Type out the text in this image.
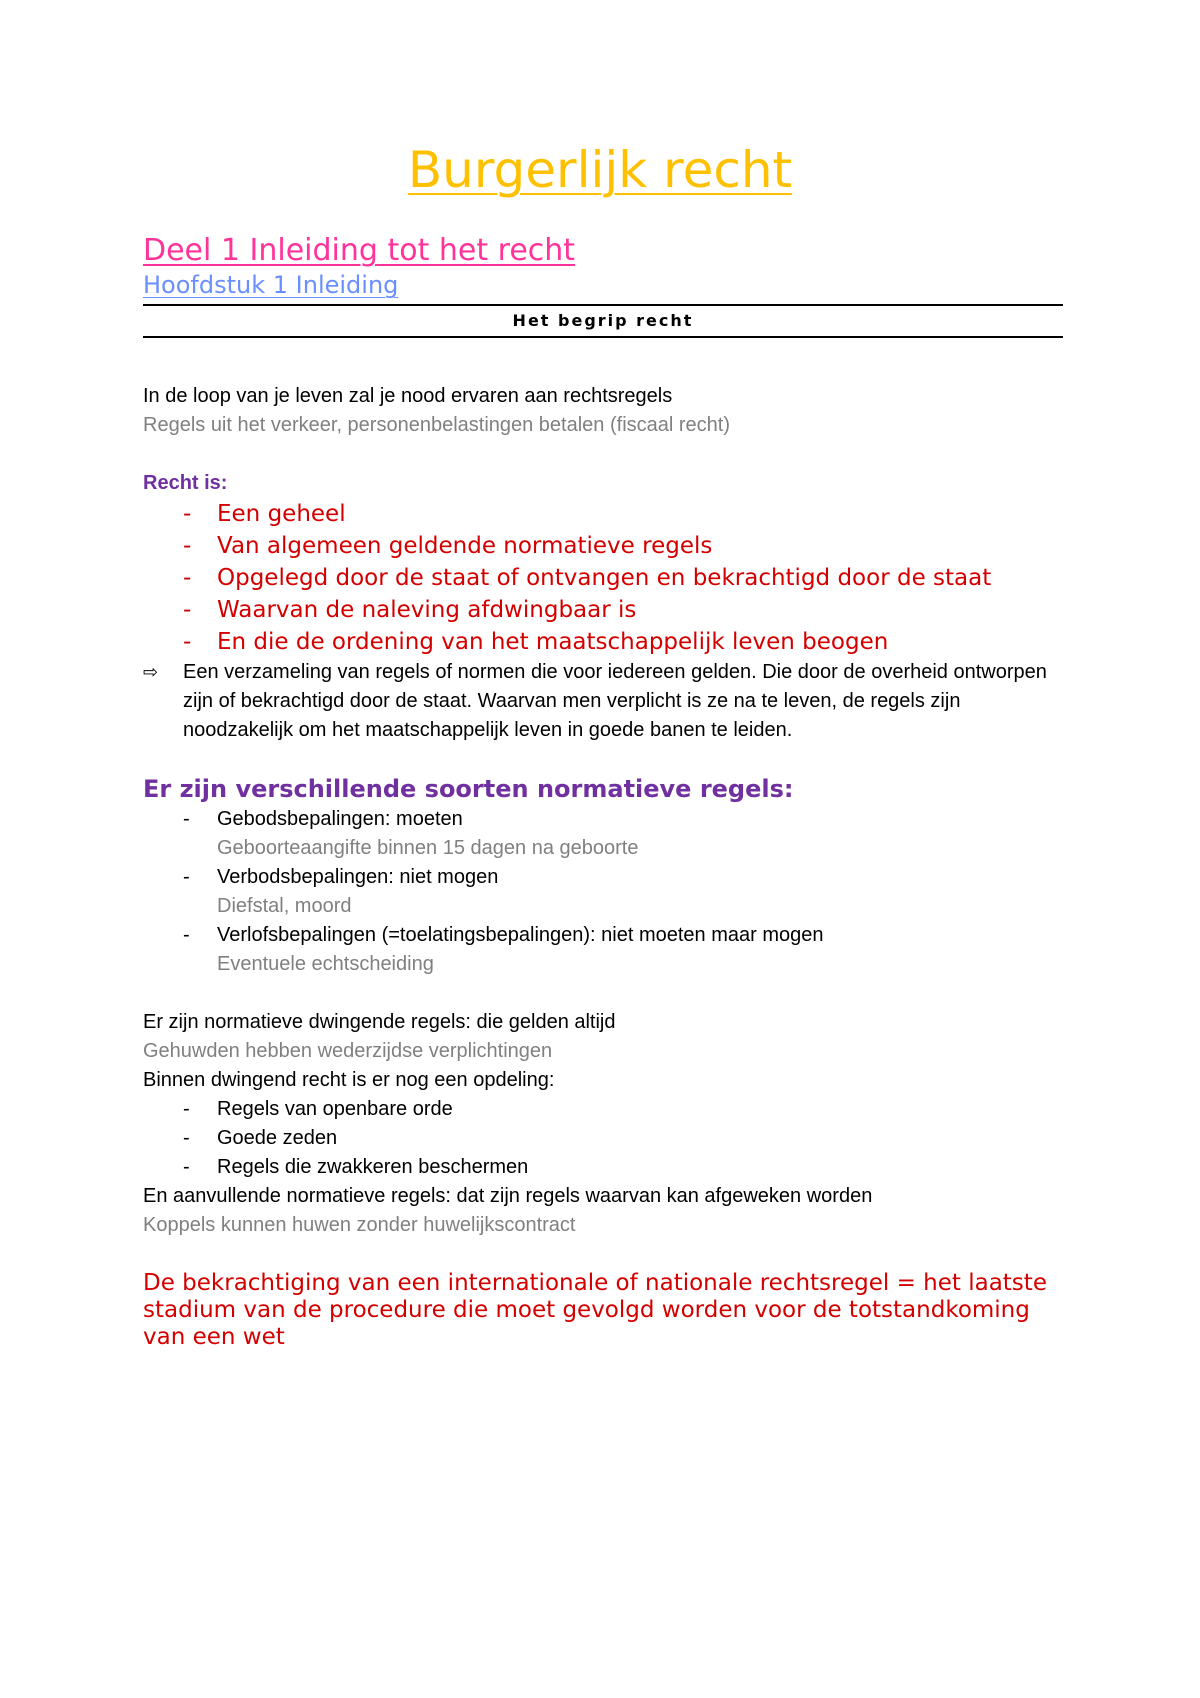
Burgerlijk recht
Deel 1 Inleiding tot het recht
Hoofdstuk 1 Inleiding
Het begrip recht
In de loop van je leven zal je nood ervaren aan rechtsregels
Regels uit het verkeer, personenbelastingen betalen (fiscaal recht)
Recht is:
- Een geheel
- Van algemeen geldende normatieve regels
- Opgelegd door de staat of ontvangen en bekrachtigd door de staat
- Waarvan de naleving afdwingbaar is
- En die de ordening van het maatschappelijk leven beogen
⇨ Een verzameling van regels of normen die voor iedereen gelden. Die door de overheid ontworpen zijn of bekrachtigd door de staat. Waarvan men verplicht is ze na te leven, de regels zijn noodzakelijk om het maatschappelijk leven in goede banen te leiden.
Er zijn verschillende soorten normatieve regels:
- Gebodsbepalingen: moeten
Geboorteaangifte binnen 15 dagen na geboorte
- Verbodsbepalingen: niet mogen
Diefstal, moord
- Verlofsbepalingen (=toelatingsbepalingen): niet moeten maar mogen
Eventuele echtscheiding
Er zijn normatieve dwingende regels: die gelden altijd
Gehuwden hebben wederzijdse verplichtingen
Binnen dwingend recht is er nog een opdeling:
- Regels van openbare orde
- Goede zeden
- Regels die zwakkeren beschermen
En aanvullende normatieve regels: dat zijn regels waarvan kan afgeweken worden
Koppels kunnen huwen zonder huwelijkscontract
De bekrachtiging van een internationale of nationale rechtsregel = het laatste stadium van de procedure die moet gevolgd worden voor de totstandkoming van een wet
